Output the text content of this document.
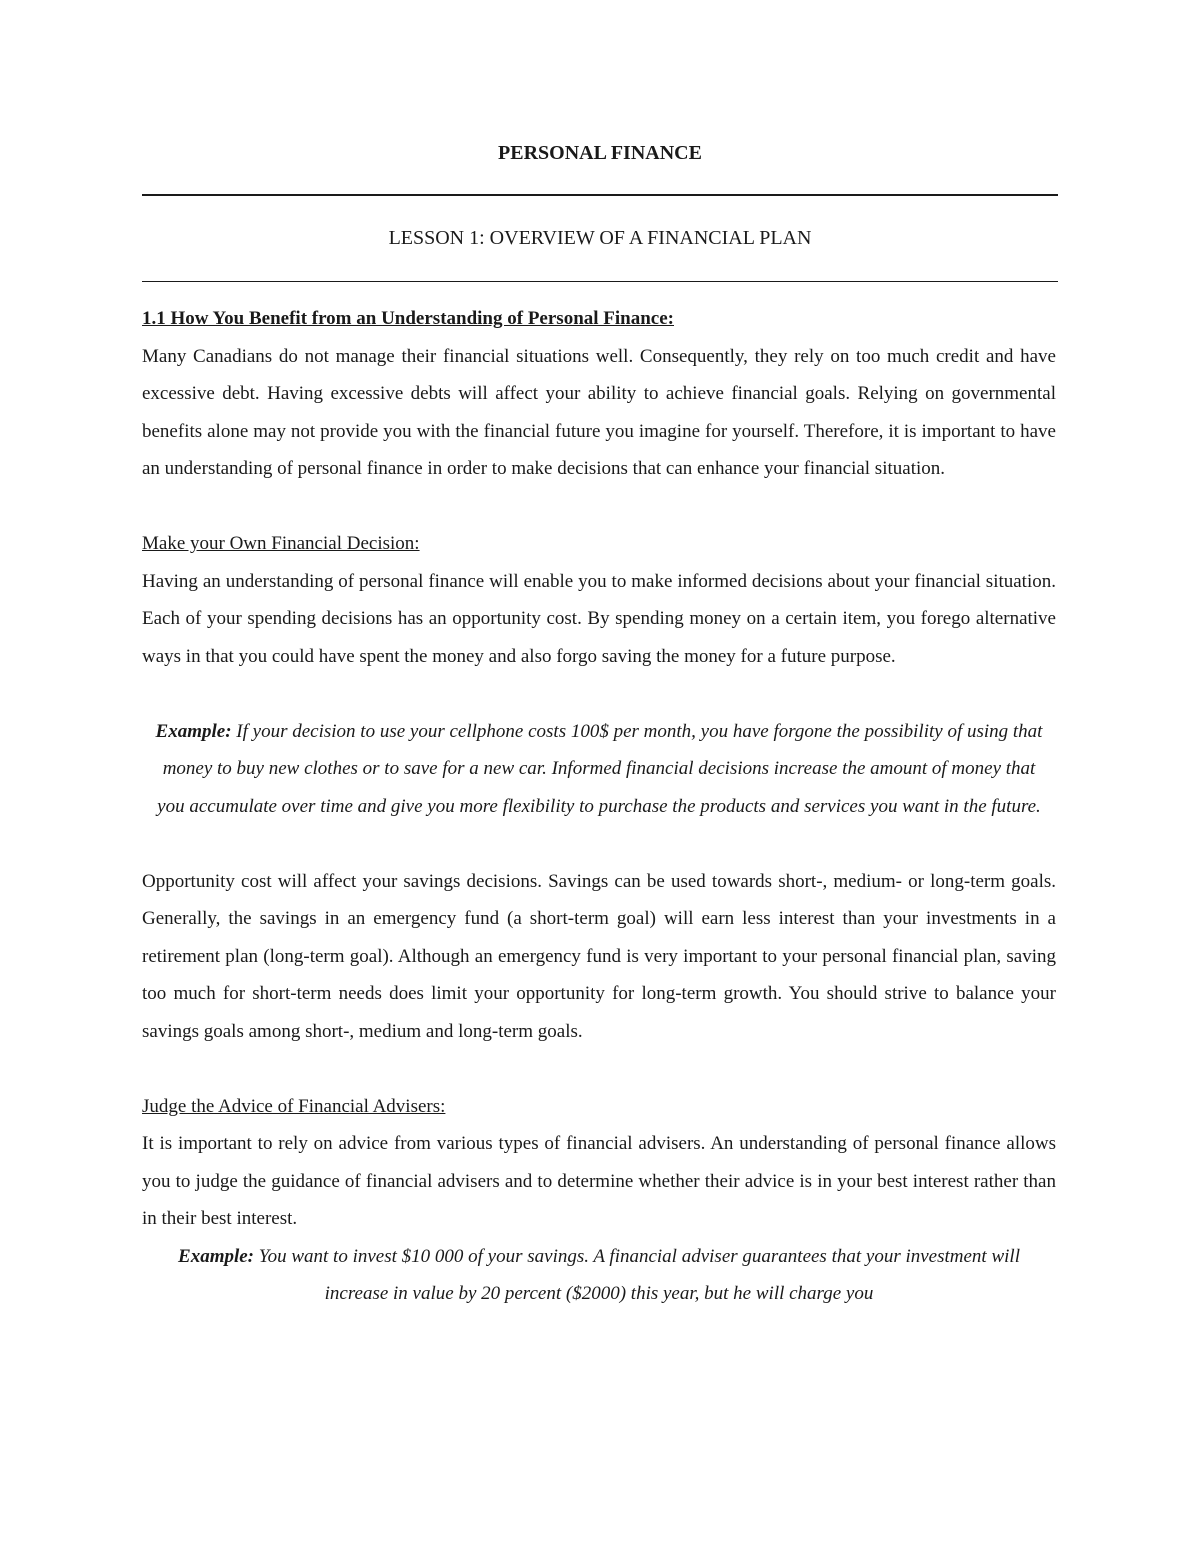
PERSONAL FINANCE
LESSON 1: OVERVIEW OF A FINANCIAL PLAN
1.1 How You Benefit from an Understanding of Personal Finance:

Many Canadians do not manage their financial situations well. Consequently, they rely on too much credit and have excessive debt. Having excessive debts will affect your ability to achieve financial goals. Relying on governmental benefits alone may not provide you with the financial future you imagine for yourself. Therefore, it is important to have an understanding of personal finance in order to make decisions that can enhance your financial situation.

Make your Own Financial Decision:

Having an understanding of personal finance will enable you to make informed decisions about your financial situation. Each of your spending decisions has an opportunity cost. By spending money on a certain item, you forego alternative ways in that you could have spent the money and also forgo saving the money for a future purpose.

Example: If your decision to use your cellphone costs 100$ per month, you have forgone the possibility of using that money to buy new clothes or to save for a new car. Informed financial decisions increase the amount of money that you accumulate over time and give you more flexibility to purchase the products and services you want in the future.

Opportunity cost will affect your savings decisions. Savings can be used towards short-, medium- or long-term goals. Generally, the savings in an emergency fund (a short-term goal) will earn less interest than your investments in a retirement plan (long-term goal). Although an emergency fund is very important to your personal financial plan, saving too much for short-term needs does limit your opportunity for long-term growth. You should strive to balance your savings goals among short-, medium and long-term goals.

Judge the Advice of Financial Advisers:

It is important to rely on advice from various types of financial advisers. An understanding of personal finance allows you to judge the guidance of financial advisers and to determine whether their advice is in your best interest rather than in their best interest.

Example: You want to invest $10 000 of your savings. A financial adviser guarantees that your investment will increase in value by 20 percent ($2000) this year, but he will charge you
